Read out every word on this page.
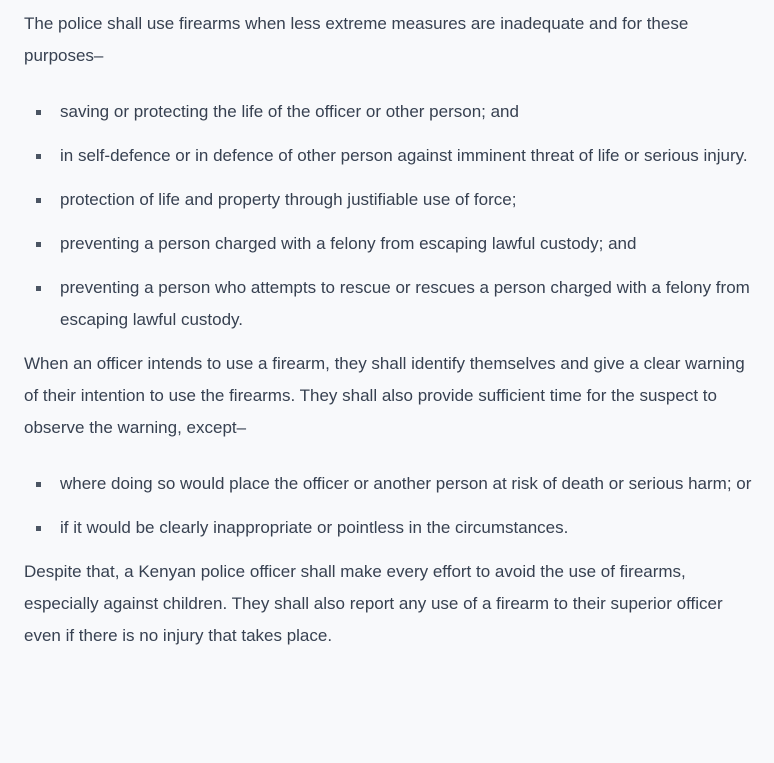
The police shall use firearms when less extreme measures are inadequate and for these purposes–

saving or protecting the life of the officer or other person; and
in self-defence or in defence of other person against imminent threat of life or serious injury.
protection of life and property through justifiable use of force;
preventing a person charged with a felony from escaping lawful custody; and
preventing a person who attempts to rescue or rescues a person charged with a felony from escaping lawful custody.

When an officer intends to use a firearm, they shall identify themselves and give a clear warning of their intention to use the firearms. They shall also provide sufficient time for the suspect to observe the warning, except–

where doing so would place the officer or another person at risk of death or serious harm; or
if it would be clearly inappropriate or pointless in the circumstances.

Despite that, a Kenyan police officer shall make every effort to avoid the use of firearms, especially against children. They shall also report any use of a firearm to their superior officer even if there is no injury that takes place.
